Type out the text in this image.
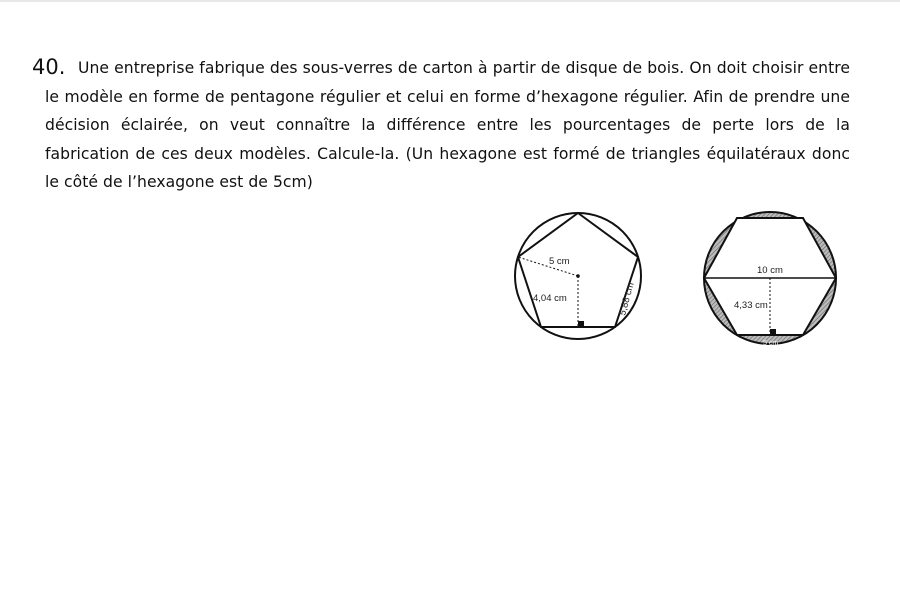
40. Une entreprise fabrique des sous-verres de carton à partir de disque de bois. On doit choisir entre le modèle en forme de pentagone régulier et celui en forme d’hexagone régulier. Afin de prendre une décision éclairée, on veut connaître la différence entre les pourcentages de perte lors de la fabrication de ces deux modèles. Calcule-la. (Un hexagone est formé de triangles équilatéraux donc le côté de l’hexagone est de 5cm)
5 cm
4,04 cm	5,88 cm
10 cm
4,33 cm
5 cm
